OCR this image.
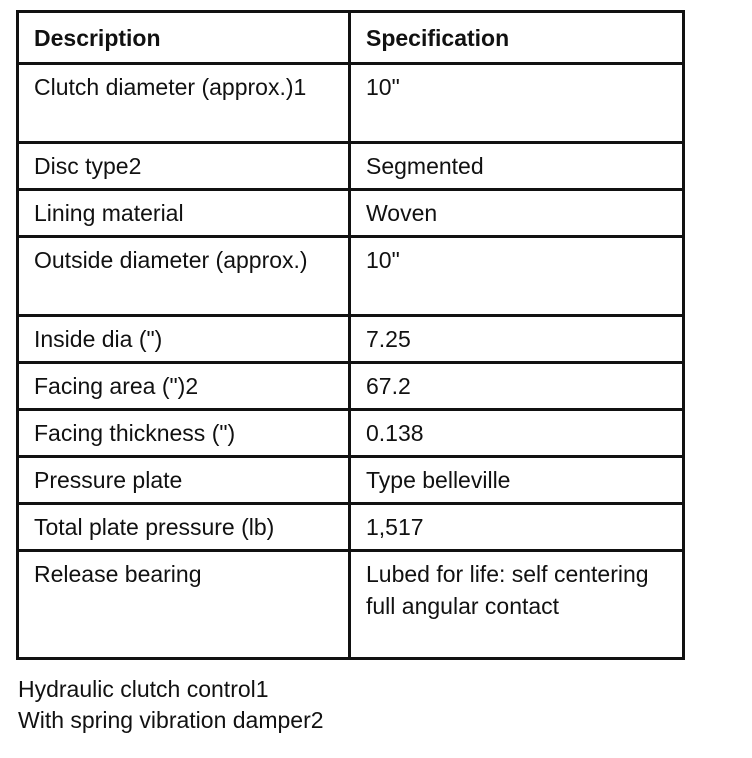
Description	Specification
Clutch diameter (approx.)1	10"
Disc type2	Segmented
Lining material	Woven
Outside diameter (approx.)	10"
Inside dia (")	7.25
Facing area (")2	67.2
Facing thickness (")	0.138
Pressure plate	Type belleville
Total plate pressure (lb)	1,517
Release bearing	Lubed for life: self centering full angular contact
Hydraulic clutch control1
With spring vibration damper2
